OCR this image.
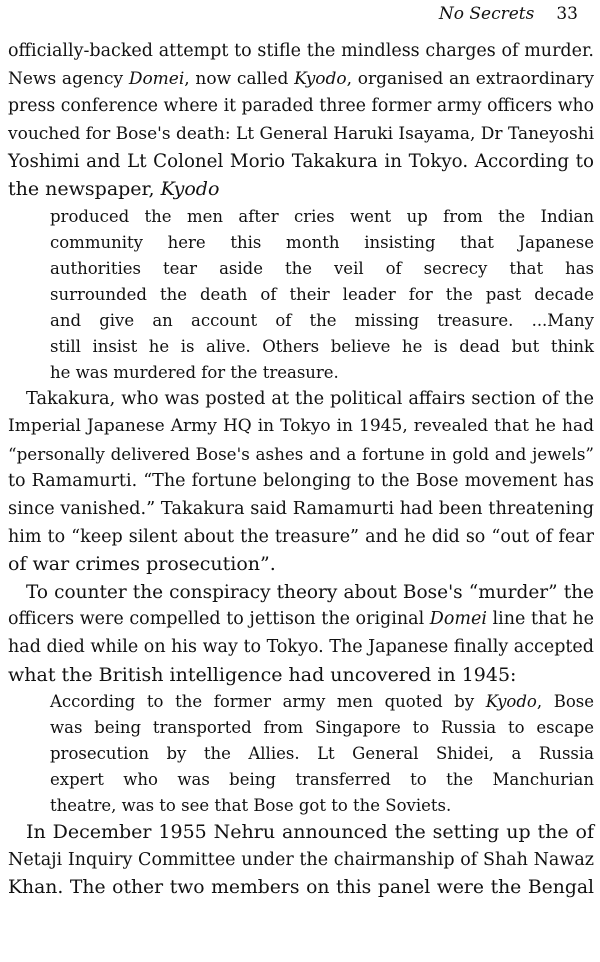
No Secrets 33
officially-backed attempt to stifle the mindless charges of murder.
News agency Domei, now called Kyodo, organised an extraordinary
press conference where it paraded three former army officers who
vouched for Bose's death: Lt General Haruki Isayama, Dr Taneyoshi
Yoshimi and Lt Colonel Morio Takakura in Tokyo. According to
the newspaper, Kyodo
produced the men after cries went up from the Indian
community here this month insisting that Japanese
authorities tear aside the veil of secrecy that has
surrounded the death of their leader for the past decade
and give an account of the missing treasure. ...Many
still insist he is alive. Others believe he is dead but think
he was murdered for the treasure.
Takakura, who was posted at the political affairs section of the
Imperial Japanese Army HQ in Tokyo in 1945, revealed that he had
“personally delivered Bose's ashes and a fortune in gold and jewels”
to Ramamurti. “The fortune belonging to the Bose movement has
since vanished.” Takakura said Ramamurti had been threatening
him to “keep silent about the treasure” and he did so “out of fear
of war crimes prosecution”.
To counter the conspiracy theory about Bose's “murder” the
officers were compelled to jettison the original Domei line that he
had died while on his way to Tokyo. The Japanese finally accepted
what the British intelligence had uncovered in 1945:
According to the former army men quoted by Kyodo, Bose
was being transported from Singapore to Russia to escape
prosecution by the Allies. Lt General Shidei, a Russia
expert who was being transferred to the Manchurian
theatre, was to see that Bose got to the Soviets.
In December 1955 Nehru announced the setting up the of
Netaji Inquiry Committee under the chairmanship of Shah Nawaz
Khan. The other two members on this panel were the Bengal
